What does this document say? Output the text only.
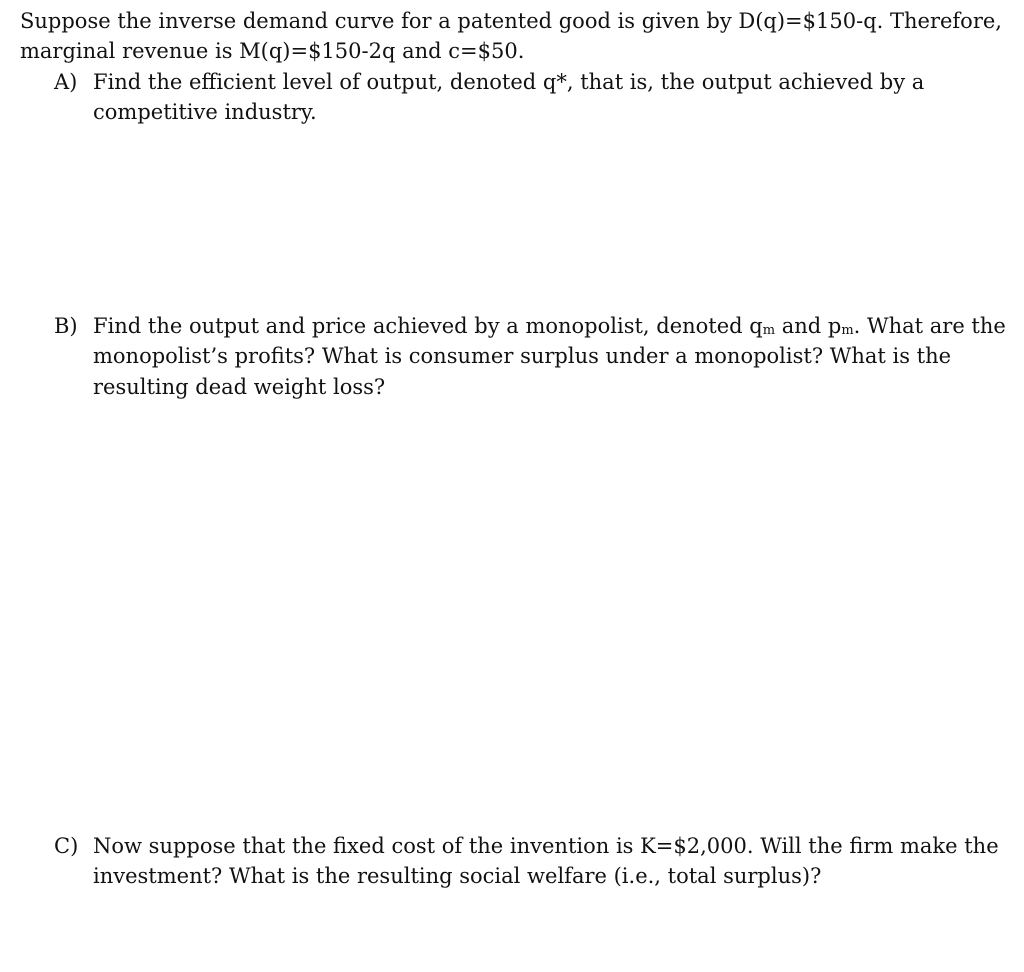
Suppose the inverse demand curve for a patented good is given by D(q)=$150-q. Therefore,
marginal revenue is M(q)=$150-2q and c=$50.
A) Find the efficient level of output, denoted q*, that is, the output achieved by a
competitive industry.
B) Find the output and price achieved by a monopolist, denoted $q_m$ and $p_m$. What are the
monopolist’s profits? What is consumer surplus under a monopolist? What is the
resulting dead weight loss?
C) Now suppose that the fixed cost of the invention is K=$2,000. Will the firm make the
investment? What is the resulting social welfare (i.e., total surplus)?
